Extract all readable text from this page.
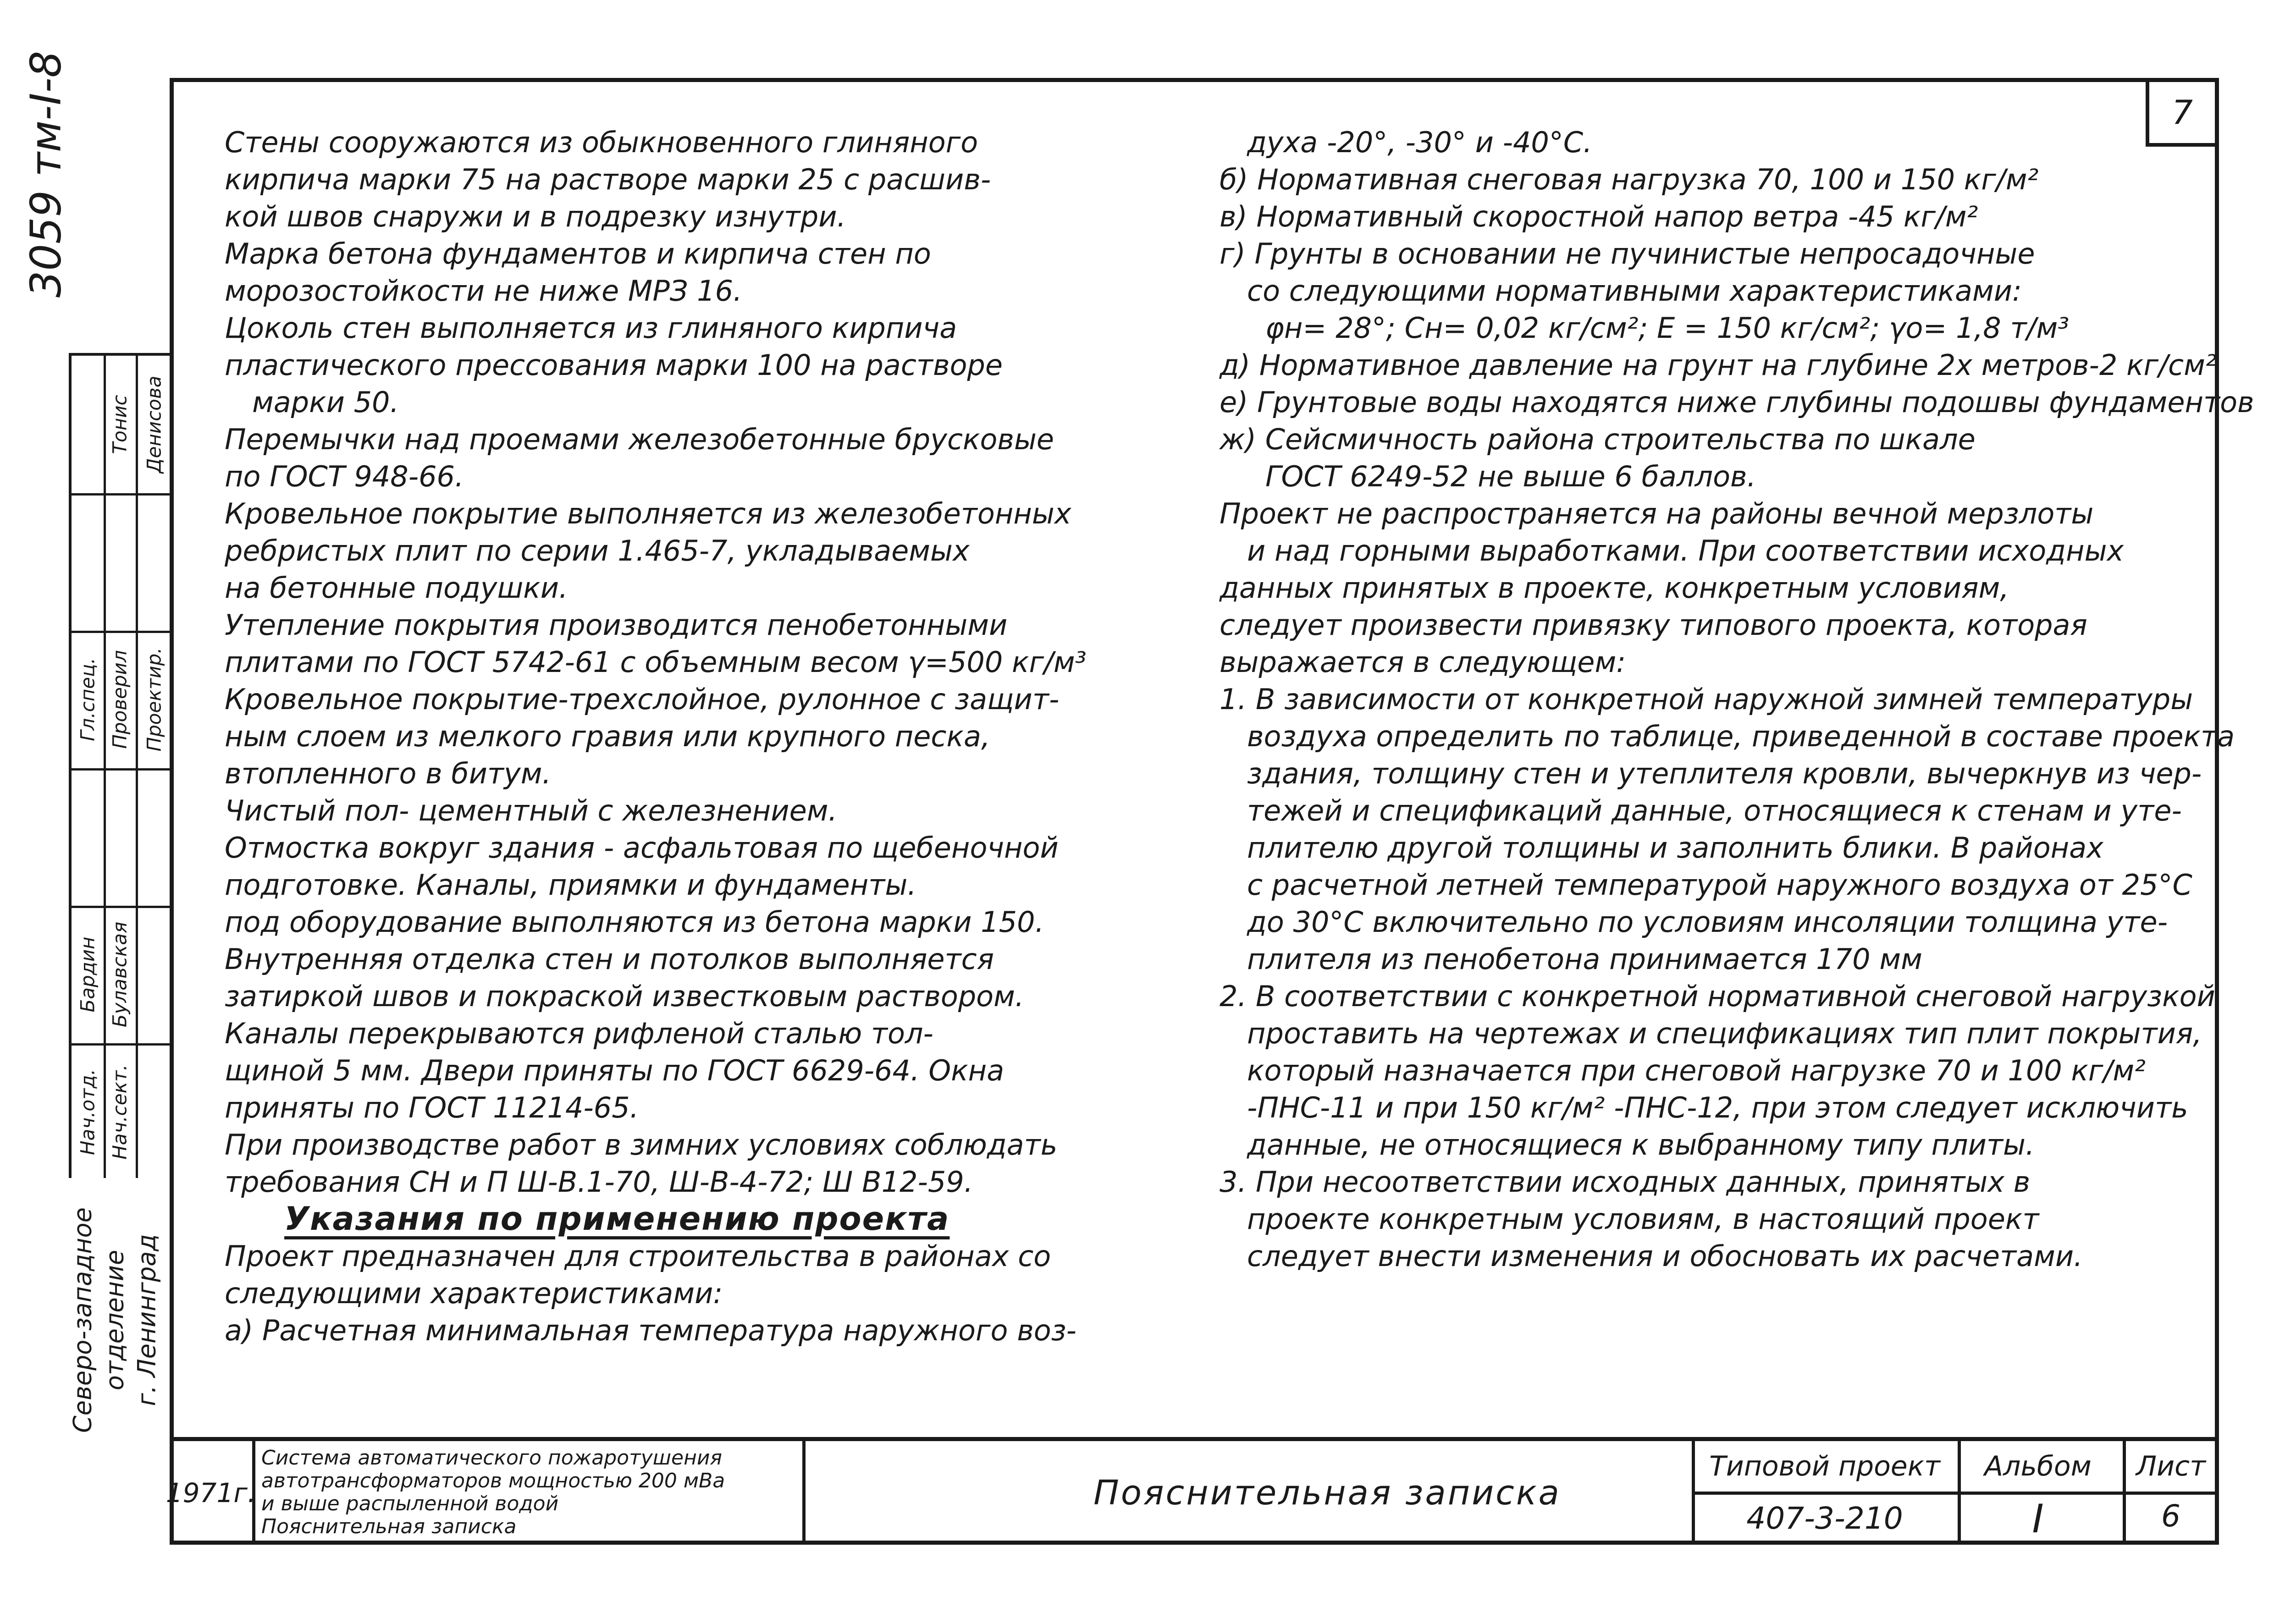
7
3059 тм-I-8
Нач.отд. Нач.сект.
Бардин Булавская
Гл.спец. Проверил Проектир.
Тонис Денисова
Северо-западное отделение г. Ленинград
Стены сооружаются из обыкновенного глиняного
кирпича марки 75 на растворе марки 25 с расшив-
кой швов снаружи и в подрезку изнутри.
Марка бетона фундаментов и кирпича стен по
морозостойкости не ниже МРЗ 16.
Цоколь стен выполняется из глиняного кирпича
пластического прессования марки 100 на растворе
марки 50.
Перемычки над проемами железобетонные брусковые
по ГОСТ 948-66.
Кровельное покрытие выполняется из железобетонных
ребристых плит по серии 1.465-7, укладываемых
на бетонные подушки.
Утепление покрытия производится пенобетонными
плитами по ГОСТ 5742-61 с объемным весом γ=500 кг/м³
Кровельное покрытие-трехслойное, рулонное с защит-
ным слоем из мелкого гравия или крупного песка,
втопленного в битум.
Чистый пол- цементный с железнением.
Отмостка вокруг здания - асфальтовая по щебеночной
подготовке. Каналы, приямки и фундаменты.
под оборудование выполняются из бетона марки 150.
Внутренняя отделка стен и потолков выполняется
затиркой швов и покраской известковым раствором.
Каналы перекрываются рифленой сталью тол-
щиной 5 мм. Двери приняты по ГОСТ 6629-64. Окна
приняты по ГОСТ 11214-65.
При производстве работ в зимних условиях соблюдать
требования СН и П Ш-В.1-70, Ш-В-4-72; Ш В12-59.
Указания по применению проекта
Проект предназначен для строительства в районах со
следующими характеристиками:
а) Расчетная минимальная температура наружного воз-
духа -20°, -30° и -40°С.
б) Нормативная снеговая нагрузка 70, 100 и 150 кг/м²
в) Нормативный скоростной напор ветра -45 кг/м²
г) Грунты в основании не пучинистые непросадочные
со следующими нормативными характеристиками:
φн= 28°; Сн= 0,02 кг/см²; Е = 150 кг/см²; γо= 1,8 т/м³
д) Нормативное давление на грунт на глубине 2х метров-2 кг/см²
е) Грунтовые воды находятся ниже глубины подошвы фундаментов
ж) Сейсмичность района строительства по шкале
ГОСТ 6249-52 не выше 6 баллов.
Проект не распространяется на районы вечной мерзлоты
и над горными выработками. При соответствии исходных
данных принятых в проекте, конкретным условиям,
следует произвести привязку типового проекта, которая
выражается в следующем:
1. В зависимости от конкретной наружной зимней температуры
воздуха определить по таблице, приведенной в составе проекта
здания, толщину стен и утеплителя кровли, вычеркнув из чер-
тежей и спецификаций данные, относящиеся к стенам и уте-
плителю другой толщины и заполнить блики. В районах
с расчетной летней температурой наружного воздуха от 25°С
до 30°С включительно по условиям инсоляции толщина уте-
плителя из пенобетона принимается 170 мм
2. В соответствии с конкретной нормативной снеговой нагрузкой
проставить на чертежах и спецификациях тип плит покрытия,
который назначается при снеговой нагрузке 70 и 100 кг/м²
-ПНС-11 и при 150 кг/м² -ПНС-12, при этом следует исключить
данные, не относящиеся к выбранному типу плиты.
3. При несоответствии исходных данных, принятых в
проекте конкретным условиям, в настоящий проект
следует внести изменения и обосновать их расчетами.
1971г.
Система автоматического пожаротушения
автотрансформаторов мощностью 200 мВа
и выше распыленной водой
Пояснительная записка
Пояснительная записка
Типовой проект
407-3-210
Альбом
I
Лист
6
